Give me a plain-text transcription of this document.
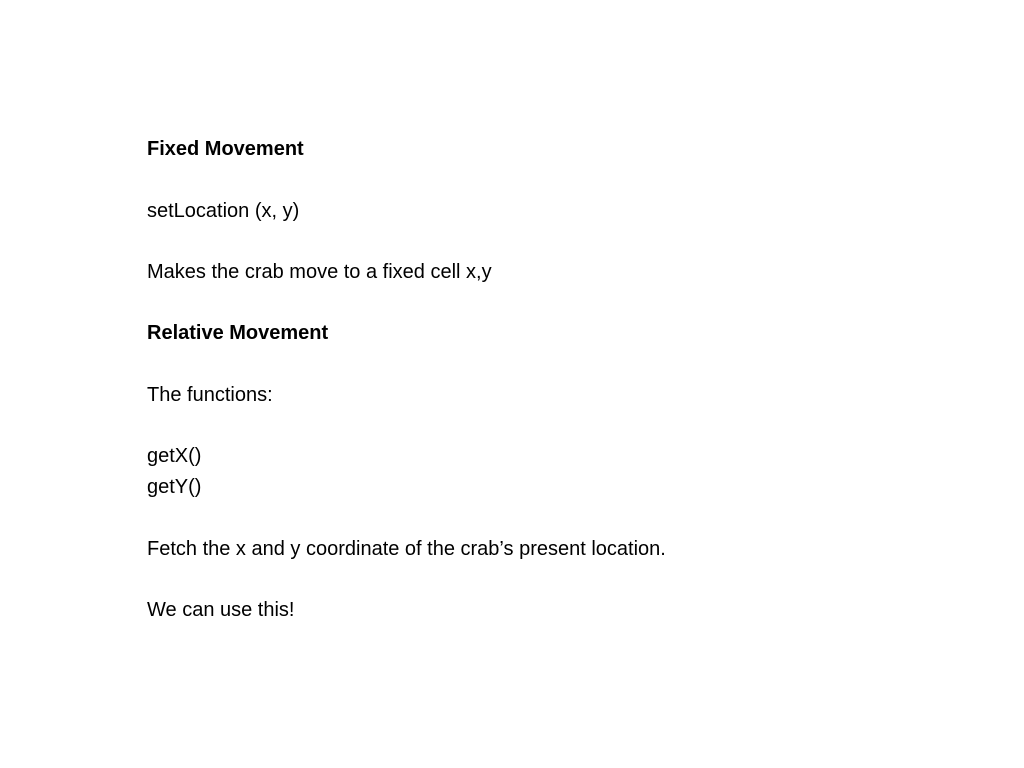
Fixed Movement
setLocation (x, y)
Makes the crab move to a fixed cell x,y
Relative Movement
The functions:
getX()
getY()
Fetch the x and y coordinate of the crab’s present location.
We can use this!
